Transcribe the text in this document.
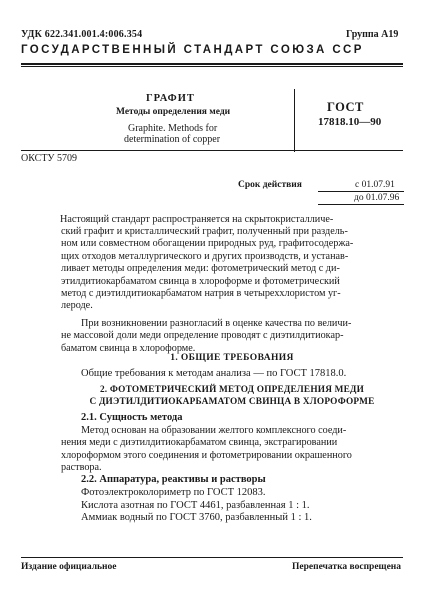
УДК 622.341.001.4:006.354	Группа А19
ГОСУДАРСТВЕННЫЙ СТАНДАРТ СОЮЗА ССР
ГРАФИТ
Методы определения меди
Graphite. Methods for
determination of copper
ГОСТ
17818.10—90
ОКСТУ 5709
Срок действия	с 01.07.91
до 01.07.96
Настоящий стандарт распространяется на скрытокристалличе-
ский графит и кристаллический графит, полученный при раздель-
ном или совместном обогащении природных руд, графитосодержа-
щих отходов металлургического и других производств, и устанав-
ливает методы определения меди: фотометрический метод с ди-
этилдитиокарбаматом свинца в хлороформе и фотометрический
метод с диэтилдитиокарбаматом натрия в четыреххлористом уг-
лероде.
При возникновении разногласий в оценке качества по величи-
не массовой доли меди определение проводят с диэтилдитиокар-
баматом свинца в хлороформе.
1. ОБЩИЕ ТРЕБОВАНИЯ
Общие требования к методам анализа — по ГОСТ 17818.0.
2. ФОТОМЕТРИЧЕСКИЙ МЕТОД ОПРЕДЕЛЕНИЯ МЕДИ
С ДИЭТИЛДИТИОКАРБАМАТОМ СВИНЦА В ХЛОРОФОРМЕ
2.1. Сущность метода
Метод основан на образовании желтого комплексного соеди-
нения меди с диэтилдитиокарбаматом свинца, экстрагировании
хлороформом этого соединения и фотометрировании окрашенного
раствора.
2.2. Аппаратура, реактивы и растворы
Фотоэлектроколориметр по ГОСТ 12083.
Кислота азотная по ГОСТ 4461, разбавленная 1 : 1.
Аммиак водный по ГОСТ 3760, разбавленный 1 : 1.
Издание официальное	Перепечатка воспрещена
